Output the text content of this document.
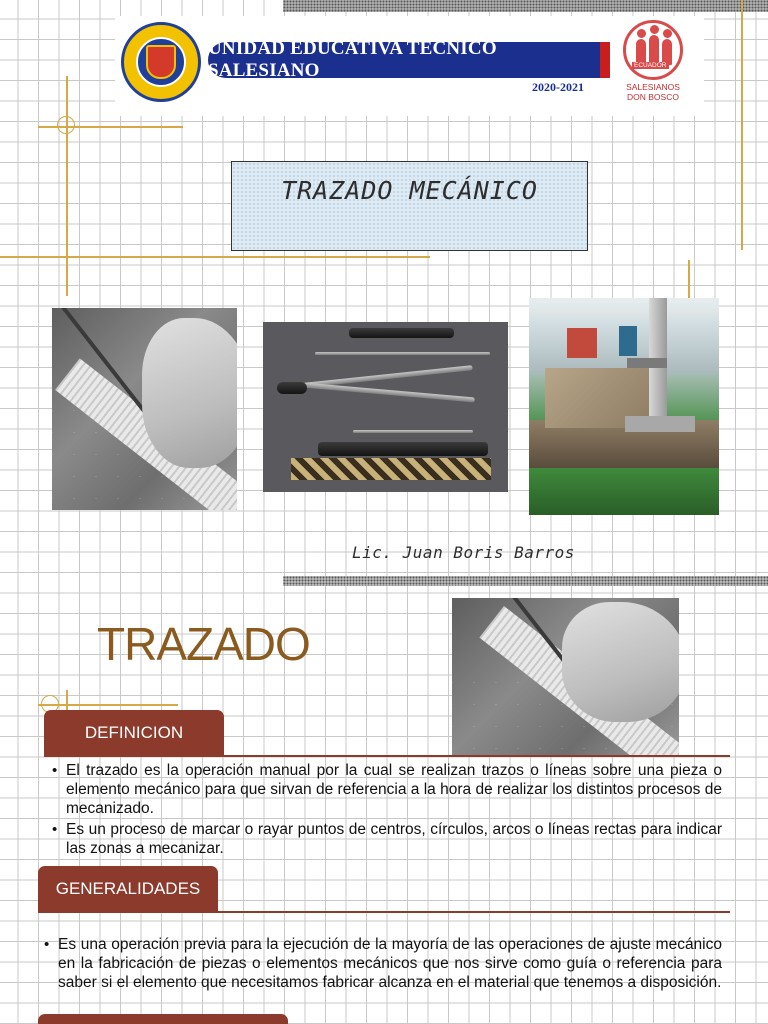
UNIDAD EDUCATIVA TÉCNICO SALESIANO
2020-2021
ECUADOR
SALESIANOS
DON BOSCO
TRAZADO MECÁNICO
Lic. Juan Boris Barros
TRAZADO
DEFINICION
• El trazado es la operación manual por la cual se realizan trazos o líneas sobre una pieza o elemento mecánico para que sirvan de referencia a la hora de realizar los distintos procesos de mecanizado.
• Es un proceso de marcar o rayar puntos de centros, círculos, arcos o líneas rectas para indicar las zonas a mecanizar.
GENERALIDADES
• Es una operación previa para la ejecución de la mayoría de las operaciones de ajuste mecánico en la fabricación de piezas o elementos mecánicos que nos sirve como guía o referencia para saber si el elemento que necesitamos fabricar alcanza en el material que tenemos a disposición.
